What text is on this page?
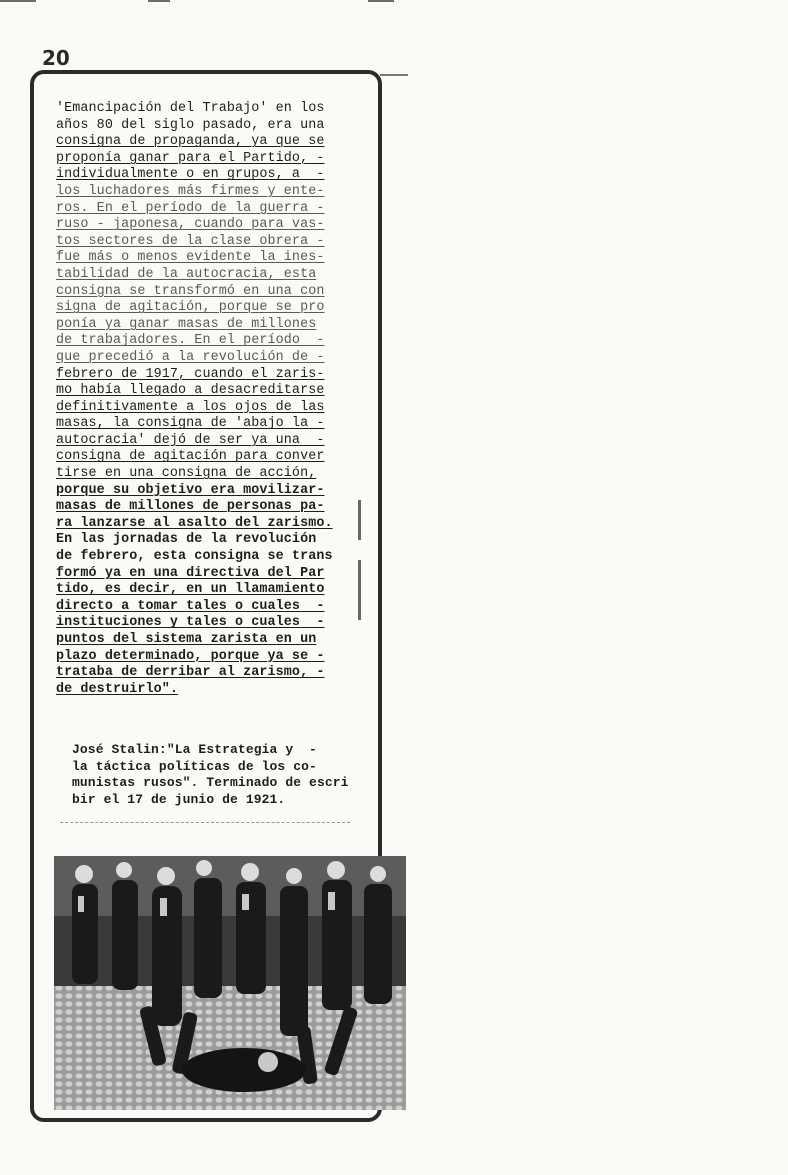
20
'Emancipación del Trabajo' en los
años 80 del siglo pasado, era una
consigna de propaganda, ya que se
proponía ganar para el Partido, -
individualmente o en grupos, a  -
los luchadores más firmes y ente-
ros. En el período de la guerra -
ruso - japonesa, cuando para vas-
tos sectores de la clase obrera -
fue más o menos evidente la ines-
tabilidad de la autocracia, esta
consigna se transformó en una con
signa de agitación, porque se pro
ponía ya ganar masas de millones
de trabajadores. En el período  -
que precedió a la revolución de -
febrero de 1917, cuando el zaris-
mo había llegado a desacreditarse
definitivamente a los ojos de las
masas, la consigna de 'abajo la -
autocracia' dejó de ser ya una  -
consigna de agitación para conver
tirse en una consigna de acción,
porque su objetivo era movilizar-
masas de millones de personas pa-
ra lanzarse al asalto del zarismo.
En las jornadas de la revolución
de febrero, esta consigna se trans
formó ya en una directiva del Par
tido, es decir, en un llamamiento
directo a tomar tales o cuales  -
instituciones y tales o cuales  -
puntos del sistema zarista en un
plazo determinado, porque ya se -
trataba de derribar al zarismo, -
de destruirlo".
José Stalin:"La Estrategia y  -
la táctica políticas de los co-
munistas rusos". Terminado de escri
bir el 17 de junio de 1921.
